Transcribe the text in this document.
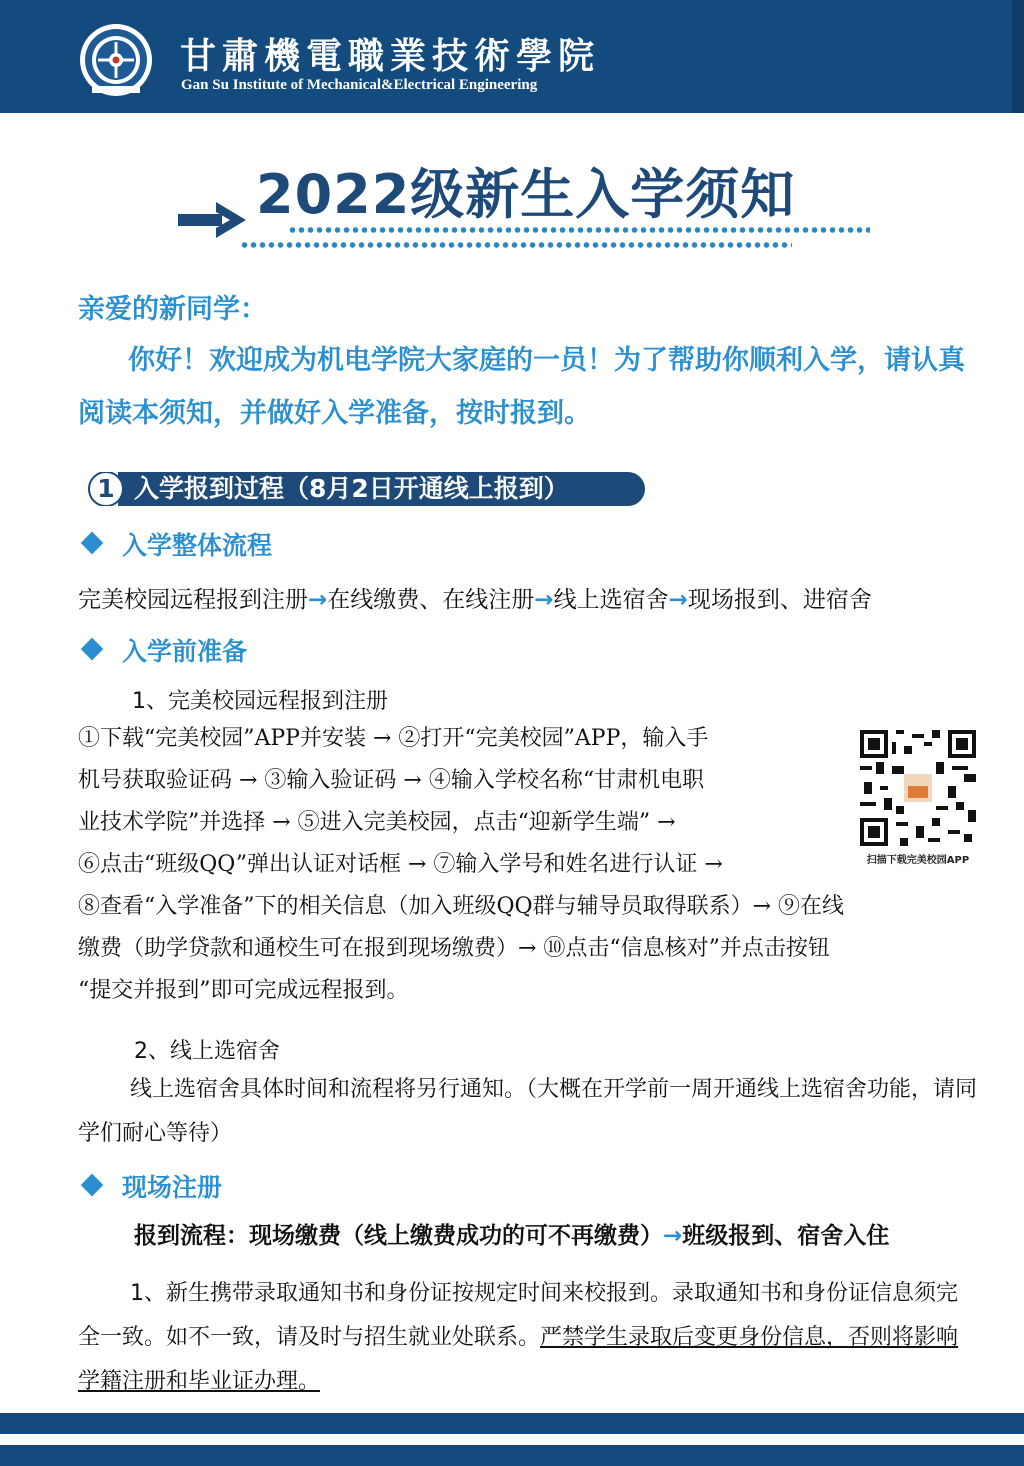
甘肅機電職業技術學院
Gan Su Institute of Mechanical&Electrical Engineering
2022级新生入学须知
亲爱的新同学：
你好！欢迎成为机电学院大家庭的一员！为了帮助你顺利入学，请认真阅读本须知，并做好入学准备，按时报到。
1 入学报到过程（8月2日开通线上报到）
入学整体流程
完美校园远程报到注册→在线缴费、在线注册→线上选宿舍→现场报到、进宿舍
入学前准备
1、完美校园远程报到注册
①下载“完美校园”APP并安装 → ②打开“完美校园”APP，输入手
机号获取验证码 → ③输入验证码 → ④输入学校名称“甘肃机电职
业技术学院”并选择 → ⑤进入完美校园，点击“迎新学生端” →
⑥点击“班级QQ”弹出认证对话框 → ⑦输入学号和姓名进行认证 →
⑧查看“入学准备”下的相关信息（加入班级QQ群与辅导员取得联系）→ ⑨在线
缴费（助学贷款和通校生可在报到现场缴费）→ ⑩点击“信息核对”并点击按钮
“提交并报到”即可完成远程报到。
扫描下载完美校园APP
2、线上选宿舍
线上选宿舍具体时间和流程将另行通知。（大概在开学前一周开通线上选宿舍功能，请同学们耐心等待）
现场注册
报到流程：现场缴费（线上缴费成功的可不再缴费）→班级报到、宿舍入住
1、新生携带录取通知书和身份证按规定时间来校报到。录取通知书和身份证信息须完全一致。如不一致，请及时与招生就业处联系。严禁学生录取后变更身份信息，否则将影响学籍注册和毕业证办理。
